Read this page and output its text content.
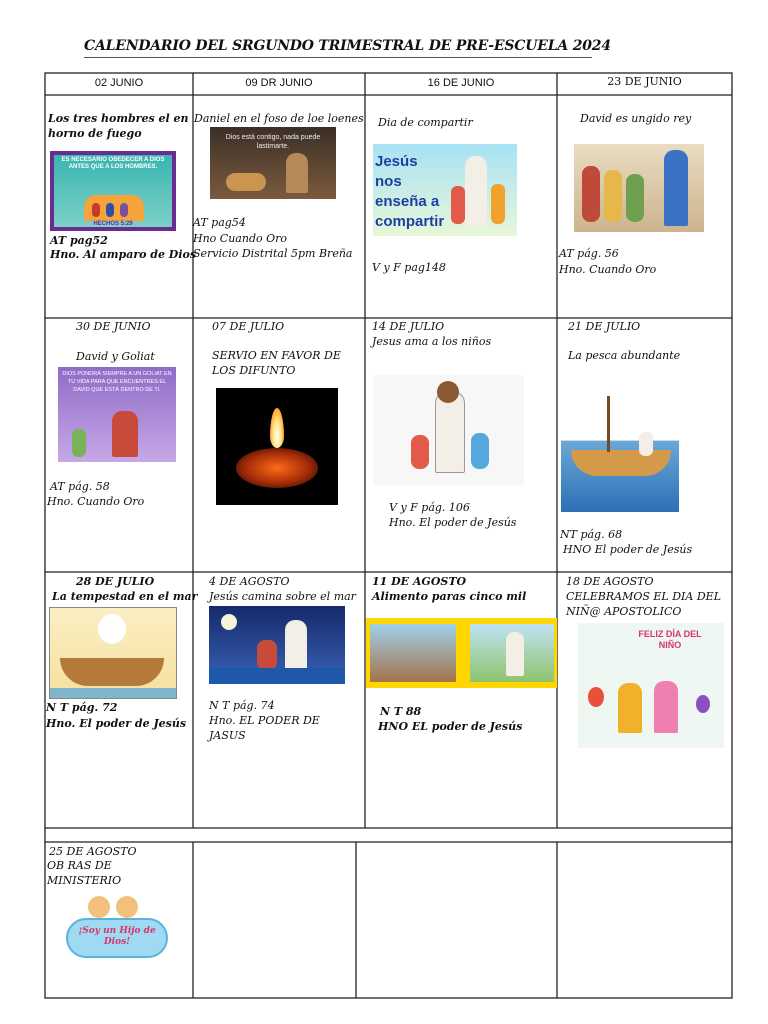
CALENDARIO DEL SRGUNDO TRIMESTRAL DE PRE-ESCUELA 2024
02 JUNIO
Los tres hombres el en horno de fuego
ES NECESARIO OBEDECER A DIOS ANTES QUE A LOS HOMBRES.
HECHOS 5:29
AT pag52
Hno. Al amparo de Dios
09 DR JUNIO
Daniel en el foso de loe loenes
Dios está contigo, nada puede lastimarte.
AT pag54
Hno Cuando Oro
Servicio Distrital 5pm Breña
16 DE JUNIO
Dia de compartir
Jesús nos enseña a compartir
V y F pag148
23 DE JUNIO
David es ungido rey
AT pág. 56
Hno. Cuando Oro
30 DE JUNIO
David y Goliat
DIOS PONDRÁ SIEMPRE A UN GOLIAT EN TU VIDA PARA QUE ENCUENTRES EL DAVID QUE ESTÁ DENTRO DE TI.
AT pág. 58
Hno. Cuando Oro
07 DE JULIO
SERVIO EN FAVOR DE LOS DIFUNTO
14 DE JULIO
Jesus ama a los niños
V y F pág. 106
Hno. El poder de Jesús
21 DE JULIO
La pesca abundante
NT pág. 68
HNO El poder de Jesús
28 DE JULIO
La tempestad en el mar
N T pág. 72
Hno. El poder de Jesús
4 DE AGOSTO
Jesús camina sobre el mar
N T pág. 74
Hno. EL PODER DE JASUS
11 DE AGOSTO
Alimento paras cinco mil
N T 88
HNO EL poder de Jesús
18 DE AGOSTO
CELEBRAMOS EL DIA DEL NIÑ@ APOSTOLICO
FELIZ DÍA DEL NIÑO
25 DE AGOSTO
OB RAS DE MINISTERIO
¡Soy un Hijo de Dios!
